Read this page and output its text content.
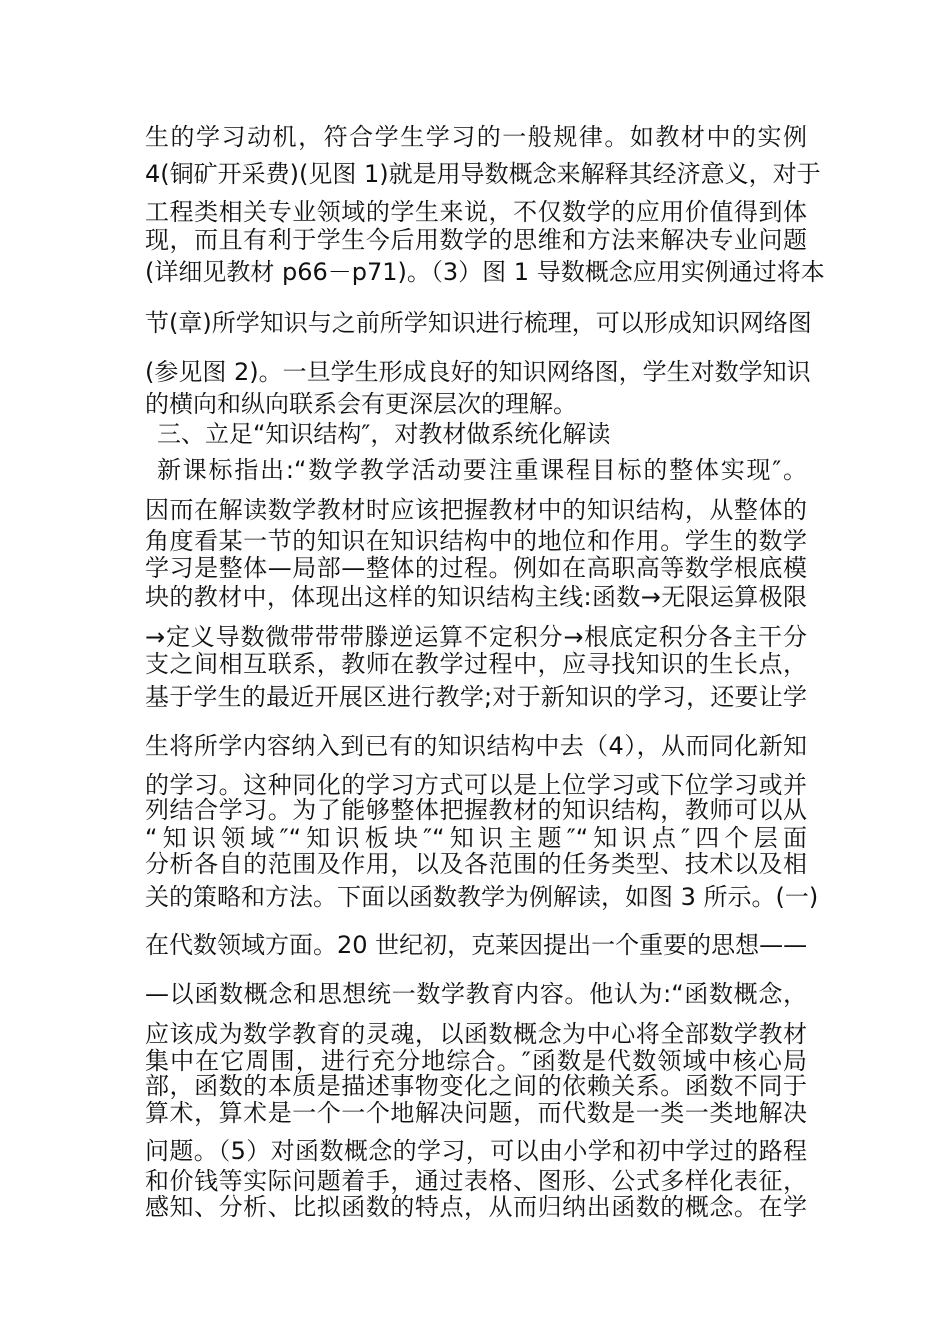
生的学习动机，符合学生学习的一般规律。如教材中的实例
4(铜矿开采费)(见图 1)就是用导数概念来解释其经济意义，对于
工程类相关专业领域的学生来说，不仅数学的应用价值得到体
现，而且有利于学生今后用数学的思维和方法来解决专业问题
(详细见教材 p66－p71)。（3）图 1 导数概念应用实例通过将本
节(章)所学知识与之前所学知识进行梳理，可以形成知识网络图
(参见图 2)。一旦学生形成良好的知识网络图，学生对数学知识
的横向和纵向联系会有更深层次的理解。
三、立足“知识结构″，对教材做系统化解读
新课标指出:“数学教学活动要注重课程目标的整体实现″。
因而在解读数学教材时应该把握教材中的知识结构，从整体的
角度看某一节的知识在知识结构中的地位和作用。学生的数学
学习是整体—局部—整体的过程。例如在高职高等数学根底模
块的教材中，体现出这样的知识结构主线:函数→无限运算极限
→定义导数微带带带滕逆运算不定积分→根底定积分各主干分
支之间相互联系，教师在教学过程中，应寻找知识的生长点，
基于学生的最近开展区进行教学;对于新知识的学习，还要让学
生将所学内容纳入到已有的知识结构中去（4），从而同化新知
的学习。这种同化的学习方式可以是上位学习或下位学习或并
列结合学习。为了能够整体把握教材的知识结构，教师可以从
“知识领域″“知识板块″“知识主题″“知识点″四个层面
分析各自的范围及作用，以及各范围的任务类型、技术以及相
关的策略和方法。下面以函数教学为例解读，如图 3 所示。(一)
在代数领域方面。20 世纪初，克莱因提出一个重要的思想——
—以函数概念和思想统一数学教育内容。他认为:“函数概念，
应该成为数学教育的灵魂，以函数概念为中心将全部数学教材
集中在它周围，进行充分地综合。″函数是代数领域中核心局
部，函数的本质是描述事物变化之间的依赖关系。函数不同于
算术，算术是一个一个地解决问题，而代数是一类一类地解决
问题。（5）对函数概念的学习，可以由小学和初中学过的路程
和价钱等实际问题着手，通过表格、图形、公式多样化表征，
感知、分析、比拟函数的特点，从而归纳出函数的概念。在学
